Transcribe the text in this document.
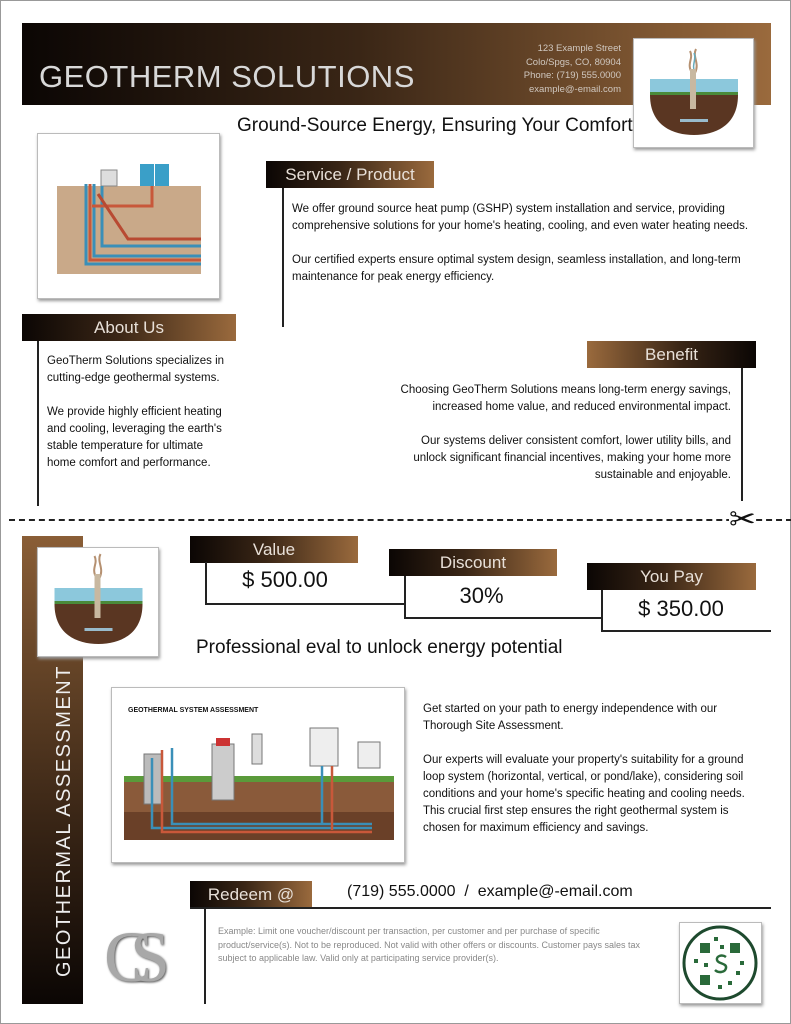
GEOTHERM SOLUTIONS
123 Example Street
Colo/Spgs, CO, 80904
Phone: (719) 555.0000
example@-email.com
Ground-Source Energy, Ensuring Your Comfort
Service / Product

We offer ground source heat pump (GSHP) system installation and service, providing comprehensive solutions for your home's heating, cooling, and even water heating needs.

Our certified experts ensure optimal system design, seamless installation, and long-term maintenance for peak energy efficiency.

About Us

GeoTherm Solutions specializes in cutting-edge geothermal systems.

We provide highly efficient heating and cooling, leveraging the earth's stable temperature for ultimate home comfort and performance.

Benefit

Choosing GeoTherm Solutions means long-term energy savings, increased home value, and reduced environmental impact.

Our systems deliver consistent comfort, lower utility bills, and unlock significant financial incentives, making your home more sustainable and enjoyable.

✂
GEOTHERMAL ASSESSMENT
Value
$ 500.00
Discount
30%
You Pay
$ 350.00
Professional eval to unlock energy potential
GEOTHERMAL SYSTEM ASSESSMENT	Get started on your path to energy independence with our Thorough Site Assessment.

Our experts will evaluate your property's suitability for a ground loop system (horizontal, vertical, or pond/lake), considering soil conditions and your home's specific heating and cooling needs. This crucial first step ensures the right geothermal system is chosen for maximum efficiency and savings.

Redeem @	(719) 555.0000  /  example@-email.com
CS	Example: Limit one voucher/discount per transaction, per customer and per purchase of specific product/service(s). Not to be reproduced. Not valid with other offers or discounts. Customer pays sales tax subject to applicable law. Valid only at participating service provider(s).
